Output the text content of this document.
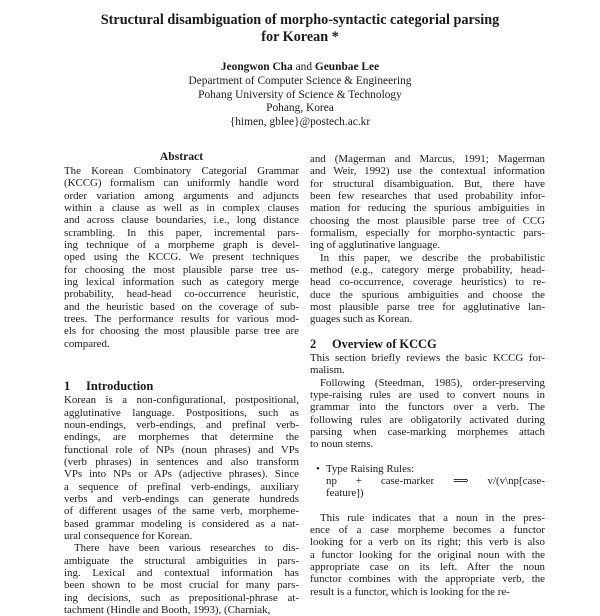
Structural disambiguation of morpho-syntactic categorial parsing
for Korean *
Jeongwon Cha and Geunbae Lee
Department of Computer Science & Engineering
Pohang University of Science & Technology
Pohang, Korea
{himen, gblee}@postech.ac.kr
Abstract
The Korean Combinatory Categorial Grammar
(KCCG) formalism can uniformly handle word
order variation among arguments and adjuncts
within a clause as well as in complex clauses
and across clause boundaries, i.e., long distance
scrambling. In this paper, incremental pars-
ing technique of a morpheme graph is devel-
oped using the KCCG. We present techniques
for choosing the most plausible parse tree us-
ing lexical information such as category merge
probability, head-head co-occurrence heuristic,
and the heuristic based on the coverage of sub-
trees. The performance results for various mod-
els for choosing the most plausible parse tree are
compared.
1 Introduction
Korean is a non-configurational, postpositional,
agglutinative language. Postpositions, such as
noun-endings, verb-endings, and prefinal verb-
endings, are morphemes that determine the
functional role of NPs (noun phrases) and VPs
(verb phrases) in sentences and also transform
VPs into NPs or APs (adjective phrases). Since
a sequence of prefinal verb-endings, auxiliary
verbs and verb-endings can generate hundreds
of different usages of the same verb, morpheme-
based grammar modeling is considered as a nat-
ural consequence for Korean.
There have been various researches to dis-
ambiguate the structural ambiguities in pars-
ing. Lexical and contextual information has
been shown to be most crucial for many pars-
ing decisions, such as prepositional-phrase at-
tachment (Hindle and Booth, 1993), (Charniak,
and (Magerman and Marcus, 1991; Magerman
and Weir, 1992) use the contextual information
for structural disambiguation. But, there have
been few researches that used probability infor-
mation for reducing the spurious ambiguities in
choosing the most plausible parse tree of CCG
formalism, especially for morpho-syntactic pars-
ing of agglutinative language.
In this paper, we describe the probabilistic
method (e.g., category merge probability, head-
head co-occurrence, coverage heuristics) to re-
duce the spurious ambiguities and choose the
most plausible parse tree for agglutinative lan-
guages such as Korean.
2 Overview of KCCG
This section briefly reviews the basic KCCG for-
malism.
Following (Steedman, 1985), order-preserving
type-raising rules are used to convert nouns in
grammar into the functors over a verb. The
following rules are obligatorily activated during
parsing when case-marking morphemes attach
to noun stems.
• Type Raising Rules:
np + case-marker ⟹ v/(v\np[case-
feature])
This rule indicates that a noun in the pres-
ence of a case morpheme becomes a functor
looking for a verb on its right; this verb is also
a functor looking for the original noun with the
appropriate case on its left. After the noun
functor combines with the appropriate verb, the
result is a functor, which is looking for the re-
